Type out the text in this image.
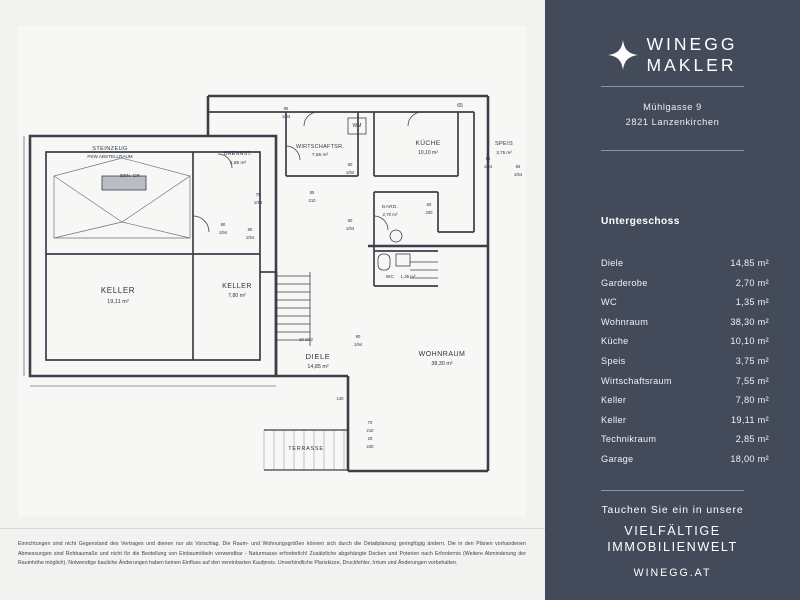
KELLER
19,11 m²
KELLER
7,80 m²
DIELE
14,85 m²
WOHNRAUM
38,30 m²
KÜCHE
10,10 m²
SPEIS
3,75 m²
WIRTSCHAFTSR.
7,55 m²
BRENNST.
2,85 m²
GARD.
2,70 m²
WC 1,35 m²
TERRASSE
STEINZEUG
PKW ABSTELLRAUM
BEN. GR
WM
65
85
1/94
78
1/94
80
1/94
80
1/94
85
210
80
1/94
80
1/94
65
1/94	65
1/94
60
200
140
10 1/92
90
1/94
70
210
20
240
Einrichtungen sind nicht Gegenstand des Vertrages und dienen nur als Vorschlag. Die Raum- und Wohnungsgrößen können sich durch die Detailplanung geringfügig ändern. Die in den Plänen vorhandenen Abmessungen sind Rohbaumaße und nicht für die Bestellung von Einbaumöbeln verwendbar - Naturmasse erforderlich! Zusätzliche abgehängte Decken und Poterien nach Erfordernis (Weitere Abminderung der Raumhöhe möglich). Notwendige bauliche Änderungen haben keinen Einfluss auf den vereinbarten Kaufpreis. Unverbindliche Planskizze, Druckfehler, Irrtum und Änderungen vorbehalten.
WINEGG
MAKLER
Mühlgasse 9
2821 Lanzenkirchen
Untergeschoss
Diele	14,85 m²
Garderobe	2,70 m²
WC	1,35 m²
Wohnraum	38,30 m²
Küche	10,10 m²
Speis	3,75 m²
Wirtschaftsraum	7,55 m²
Keller	7,80 m²
Keller	19,11 m²
Technikraum	2,85 m²
Garage	18,00 m²
Tauchen Sie ein in unsere
VIELFÄLTIGE
IMMOBILIENWELT
WINEGG.AT
